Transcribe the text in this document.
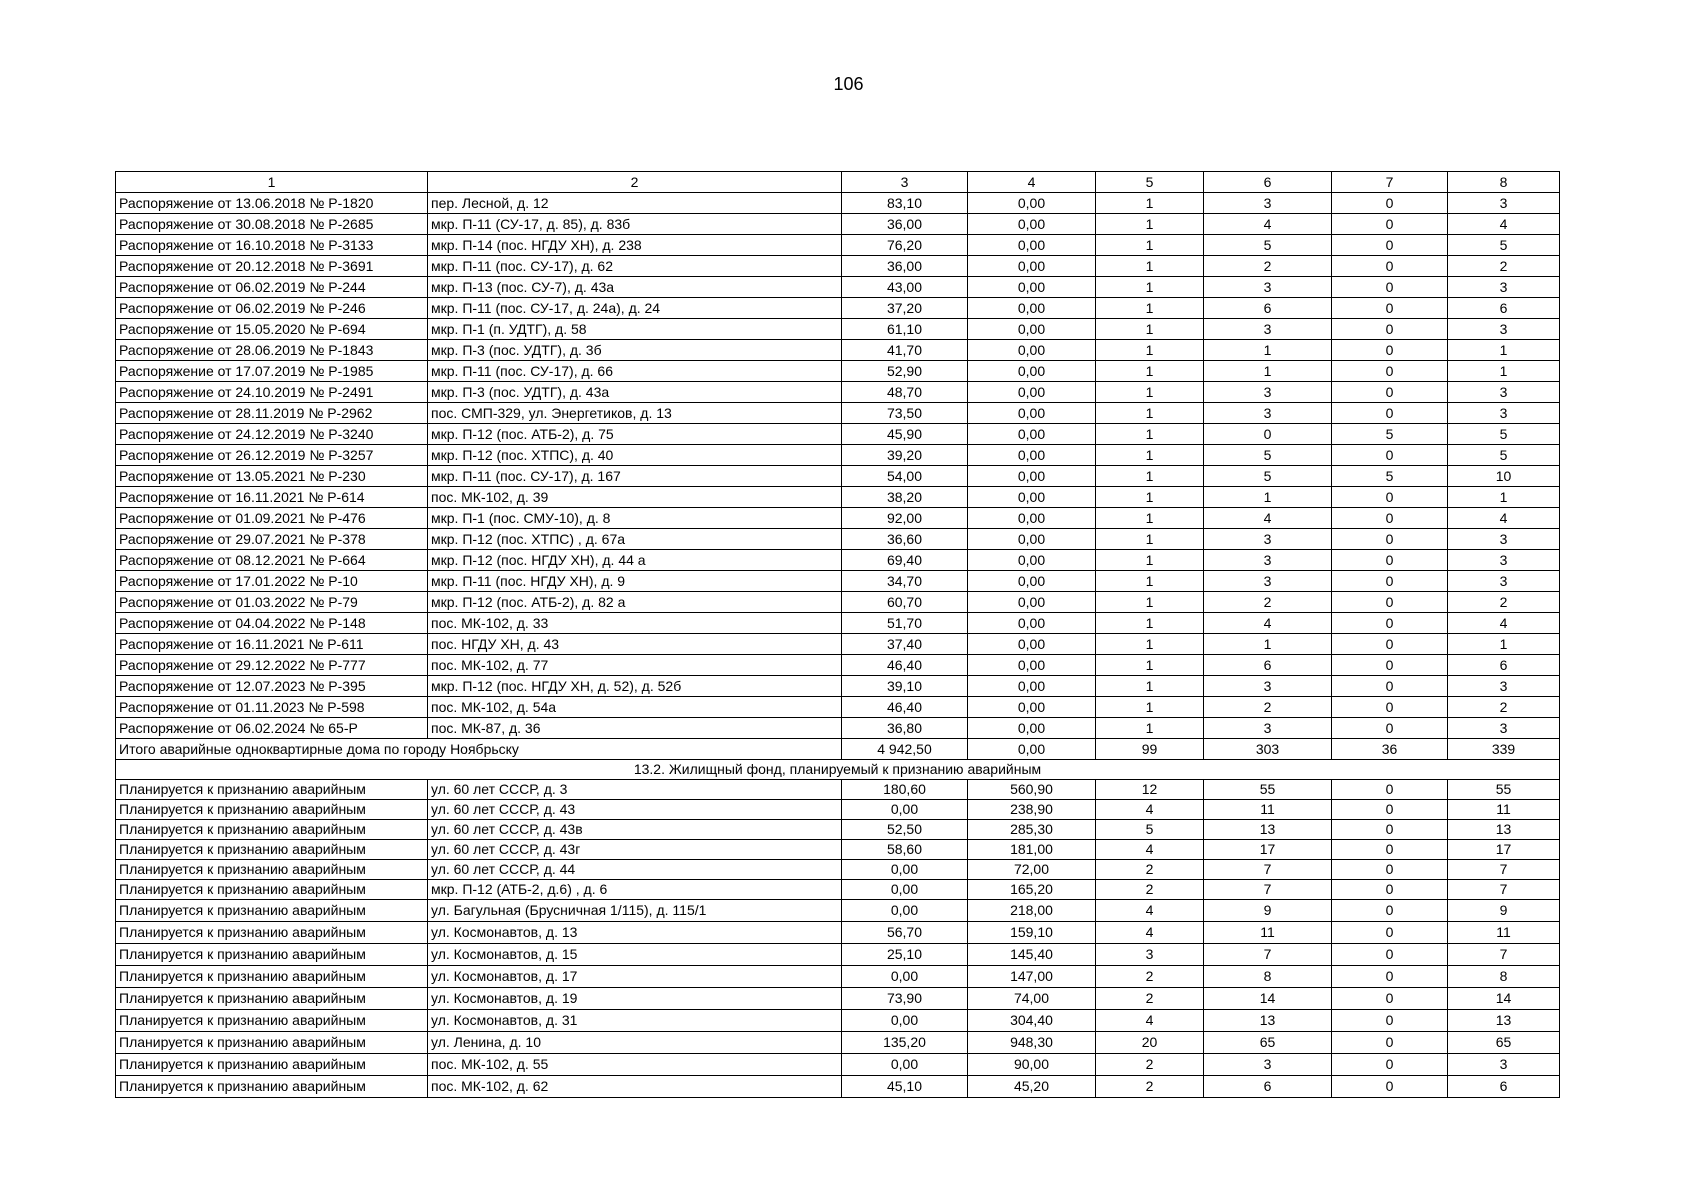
106
1	2	3	4	5	6	7	8
Распоряжение от 13.06.2018 № Р-1820	пер. Лесной, д. 12	83,10	0,00	1	3	0	3
Распоряжение от 30.08.2018 № Р-2685	мкр. П-11 (СУ-17, д. 85), д. 83б	36,00	0,00	1	4	0	4
Распоряжение от 16.10.2018 № Р-3133	мкр. П-14 (пос. НГДУ ХН), д. 238	76,20	0,00	1	5	0	5
Распоряжение от 20.12.2018 № Р-3691	мкр. П-11 (пос. СУ-17), д. 62	36,00	0,00	1	2	0	2
Распоряжение от 06.02.2019 № Р-244	мкр. П-13 (пос. СУ-7), д. 43а	43,00	0,00	1	3	0	3
Распоряжение от 06.02.2019 № Р-246	мкр. П-11 (пос. СУ-17, д. 24а), д. 24	37,20	0,00	1	6	0	6
Распоряжение от 15.05.2020 № Р-694	мкр. П-1 (п. УДТГ), д. 58	61,10	0,00	1	3	0	3
Распоряжение от 28.06.2019 № Р-1843	мкр. П-3 (пос. УДТГ), д. 3б	41,70	0,00	1	1	0	1
Распоряжение от 17.07.2019 № Р-1985	мкр. П-11 (пос. СУ-17), д. 66	52,90	0,00	1	1	0	1
Распоряжение от 24.10.2019 № Р-2491	мкр. П-3 (пос. УДТГ), д. 43а	48,70	0,00	1	3	0	3
Распоряжение от 28.11.2019 № Р-2962	пос. СМП-329, ул. Энергетиков, д. 13	73,50	0,00	1	3	0	3
Распоряжение от 24.12.2019 № Р-3240	мкр. П-12 (пос. АТБ-2), д. 75	45,90	0,00	1	0	5	5
Распоряжение от 26.12.2019 № Р-3257	мкр. П-12 (пос. ХТПС), д. 40	39,20	0,00	1	5	0	5
Распоряжение от 13.05.2021 № Р-230	мкр. П-11 (пос. СУ-17), д. 167	54,00	0,00	1	5	5	10
Распоряжение от 16.11.2021 № Р-614	пос. МК-102, д. 39	38,20	0,00	1	1	0	1
Распоряжение от 01.09.2021 № Р-476	мкр. П-1 (пос. СМУ-10), д. 8	92,00	0,00	1	4	0	4
Распоряжение от 29.07.2021 № Р-378	мкр. П-12 (пос. ХТПС) , д. 67а	36,60	0,00	1	3	0	3
Распоряжение от 08.12.2021 № Р-664	мкр. П-12 (пос. НГДУ ХН), д. 44 а	69,40	0,00	1	3	0	3
Распоряжение от 17.01.2022 № Р-10	мкр. П-11 (пос. НГДУ ХН), д. 9	34,70	0,00	1	3	0	3
Распоряжение от 01.03.2022 № Р-79	мкр. П-12 (пос. АТБ-2), д. 82 а	60,70	0,00	1	2	0	2
Распоряжение от 04.04.2022 № Р-148	пос. МК-102, д. 33	51,70	0,00	1	4	0	4
Распоряжение от 16.11.2021 № Р-611	пос. НГДУ ХН, д. 43	37,40	0,00	1	1	0	1
Распоряжение от 29.12.2022 № Р-777	пос. МК-102, д. 77	46,40	0,00	1	6	0	6
Распоряжение от 12.07.2023 № Р-395	мкр. П-12 (пос. НГДУ ХН, д. 52), д. 52б	39,10	0,00	1	3	0	3
Распоряжение от 01.11.2023 № Р-598	пос. МК-102, д. 54а	46,40	0,00	1	2	0	2
Распоряжение от 06.02.2024 № 65-Р	пос. МК-87, д. 36	36,80	0,00	1	3	0	3
Итого аварийные одноквартирные дома по городу Ноябрьску		4 942,50	0,00	99	303	36	339
13.2. Жилищный фонд, планируемый к признанию аварийным							
Планируется к признанию аварийным	ул. 60 лет СССР, д. 3	180,60	560,90	12	55	0	55
Планируется к признанию аварийным	ул. 60 лет СССР, д. 43	0,00	238,90	4	11	0	11
Планируется к признанию аварийным	ул. 60 лет СССР, д. 43в	52,50	285,30	5	13	0	13
Планируется к признанию аварийным	ул. 60 лет СССР, д. 43г	58,60	181,00	4	17	0	17
Планируется к признанию аварийным	ул. 60 лет СССР, д. 44	0,00	72,00	2	7	0	7
Планируется к признанию аварийным	мкр. П-12 (АТБ-2, д.6) , д. 6	0,00	165,20	2	7	0	7
Планируется к признанию аварийным	ул. Багульная (Брусничная 1/115), д. 115/1	0,00	218,00	4	9	0	9
Планируется к признанию аварийным	ул. Космонавтов, д. 13	56,70	159,10	4	11	0	11
Планируется к признанию аварийным	ул. Космонавтов, д. 15	25,10	145,40	3	7	0	7
Планируется к признанию аварийным	ул. Космонавтов, д. 17	0,00	147,00	2	8	0	8
Планируется к признанию аварийным	ул. Космонавтов, д. 19	73,90	74,00	2	14	0	14
Планируется к признанию аварийным	ул. Космонавтов, д. 31	0,00	304,40	4	13	0	13
Планируется к признанию аварийным	ул. Ленина, д. 10	135,20	948,30	20	65	0	65
Планируется к признанию аварийным	пос. МК-102, д. 55	0,00	90,00	2	3	0	3
Планируется к признанию аварийным	пос. МК-102, д. 62	45,10	45,20	2	6	0	6
